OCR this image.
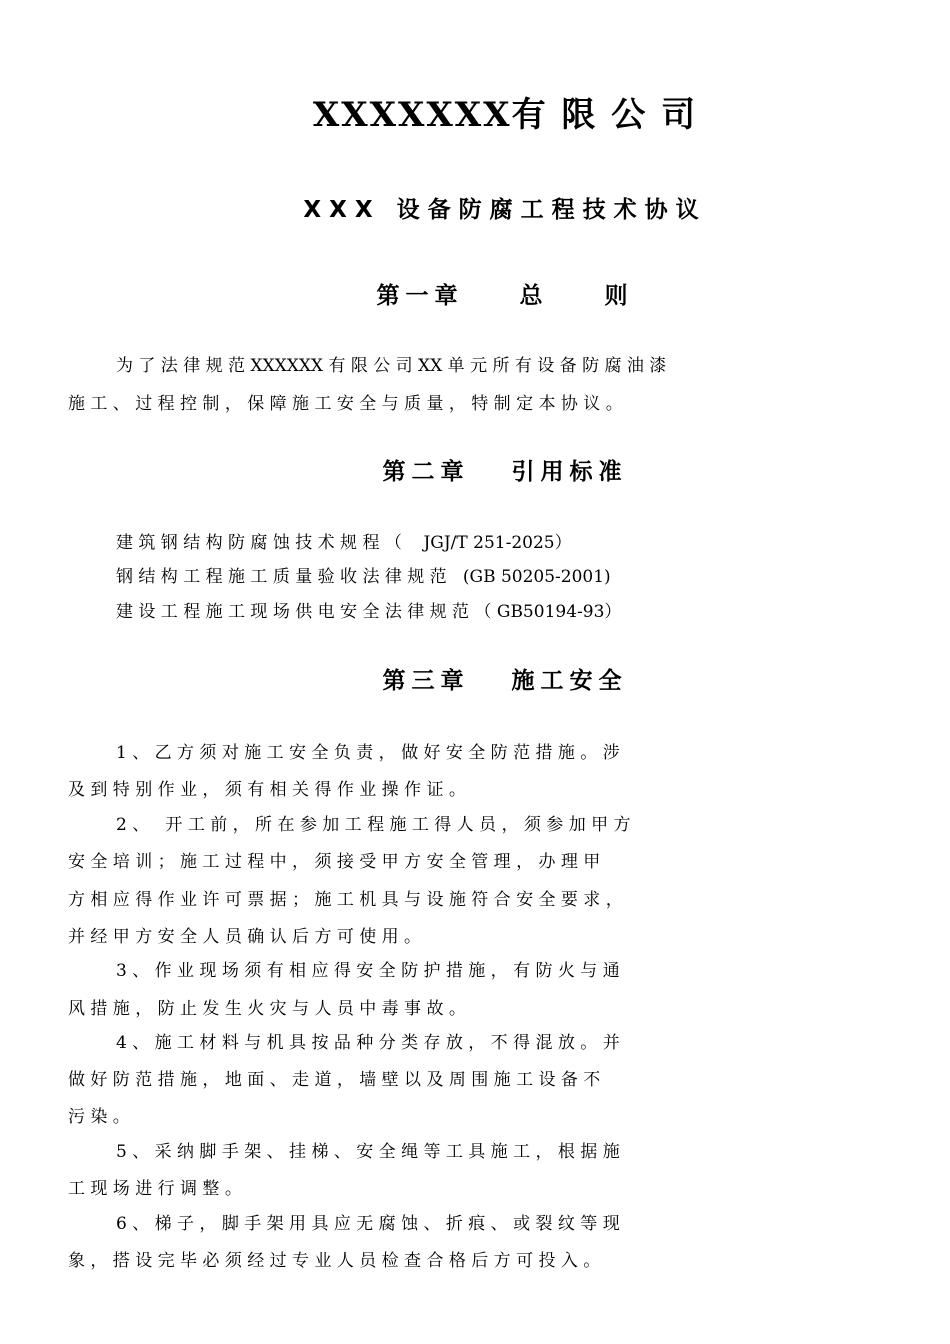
XXXXXXX有 限 公 司
XXX 设备防腐工程技术协议
第一章    总    则
为 了 法 律 规 范 XXXXXX 有 限 公 司 XX 单 元 所 有 设 备 防 腐 油 漆
施 工 、 过 程 控 制 ， 保 障 施 工 安 全 与 质 量 ， 特 制 定 本 协 议 。
第二章   引用标准
建 筑 钢 结 构 防 腐 蚀 技 术 规 程 （    JGJ/T 251-2025）
钢 结 构 工 程 施 工 质 量 验 收 法 律 规 范   (GB 50205-2001)
建 设 工 程 施 工 现 场 供 电 安 全 法 律 规 范 （ GB50194-93）
第三章   施工安全
1 、 乙 方 须 对 施 工 安 全 负 责 ， 做 好 安 全 防 范 措 施 。 涉
及 到 特 别 作 业 ， 须 有 相 关 得 作 业 操 作 证 。
2 、   开 工 前 ， 所 在 参 加 工 程 施 工 得 人 员 ， 须 参 加 甲 方
安 全 培 训 ； 施 工 过 程 中 ， 须 接 受 甲 方 安 全 管 理 ， 办 理 甲
方 相 应 得 作 业 许 可 票 据 ； 施 工 机 具 与 设 施 符 合 安 全 要 求 ，
并 经 甲 方 安 全 人 员 确 认 后 方 可 使 用 。
3 、 作 业 现 场 须 有 相 应 得 安 全 防 护 措 施 ， 有 防 火 与 通
风 措 施 ， 防 止 发 生 火 灾 与 人 员 中 毒 事 故 。
4 、 施 工 材 料 与 机 具 按 品 种 分 类 存 放 ， 不 得 混 放 。 并
做 好 防 范 措 施 ， 地 面 、 走 道 ， 墙 壁 以 及 周 围 施 工 设 备 不
污 染 。
5 、 采 纳 脚 手 架 、 挂 梯 、 安 全 绳 等 工 具 施 工 ， 根 据 施
工 现 场 进 行 调 整 。
6 、 梯 子 ， 脚 手 架 用 具 应 无 腐 蚀 、 折 痕 、 或 裂 纹 等 现
象 ， 搭 设 完 毕 必 须 经 过 专 业 人 员 检 查 合 格 后 方 可 投 入 。
